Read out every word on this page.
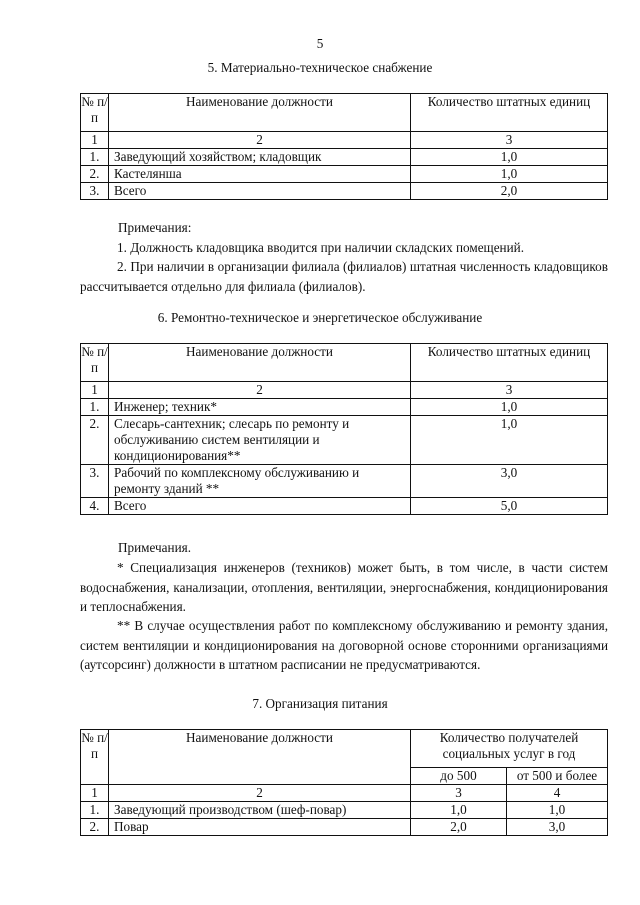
5
5. Материально-техническое снабжение
№ п/п	Наименование должности	Количество штатных единиц
1	2	3
1.	Заведующий хозяйством; кладовщик	1,0
2.	Кастелянша	1,0
3.	Всего	2,0
Примечания:

1. Должность кладовщика вводится при наличии складских помещений.

2. При наличии в организации филиала (филиалов) штатная численность кладовщиков рассчитывается отдельно для филиала (филиалов).

6. Ремонтно-техническое и энергетическое обслуживание
№ п/п	Наименование должности	Количество штатных единиц
1	2	3
1.	Инженер; техник*	1,0
2.	Слесарь-сантехник; слесарь по ремонту и обслуживанию систем вентиляции и кондиционирования**	1,0
3.	Рабочий по комплексному обслуживанию и ремонту зданий **	3,0
4.	Всего	5,0
Примечания.

* Специализация инженеров (техников) может быть, в том числе, в части систем водоснабжения, канализации, отопления, вентиляции, энергоснабжения, кондиционирования и теплоснабжения.

** В случае осуществления работ по комплексному обслуживанию и ремонту здания, систем вентиляции и кондиционирования на договорной основе сторонними организациями (аутсорсинг) должности в штатном расписании не предусматриваются.

7. Организация питания
№ п/п	Наименование должности	Количество получателей социальных услуг в год	
		до 500	от 500 и более
1	2	3	4
1.	Заведующий производством (шеф-повар)	1,0	1,0
2.	Повар	2,0	3,0
